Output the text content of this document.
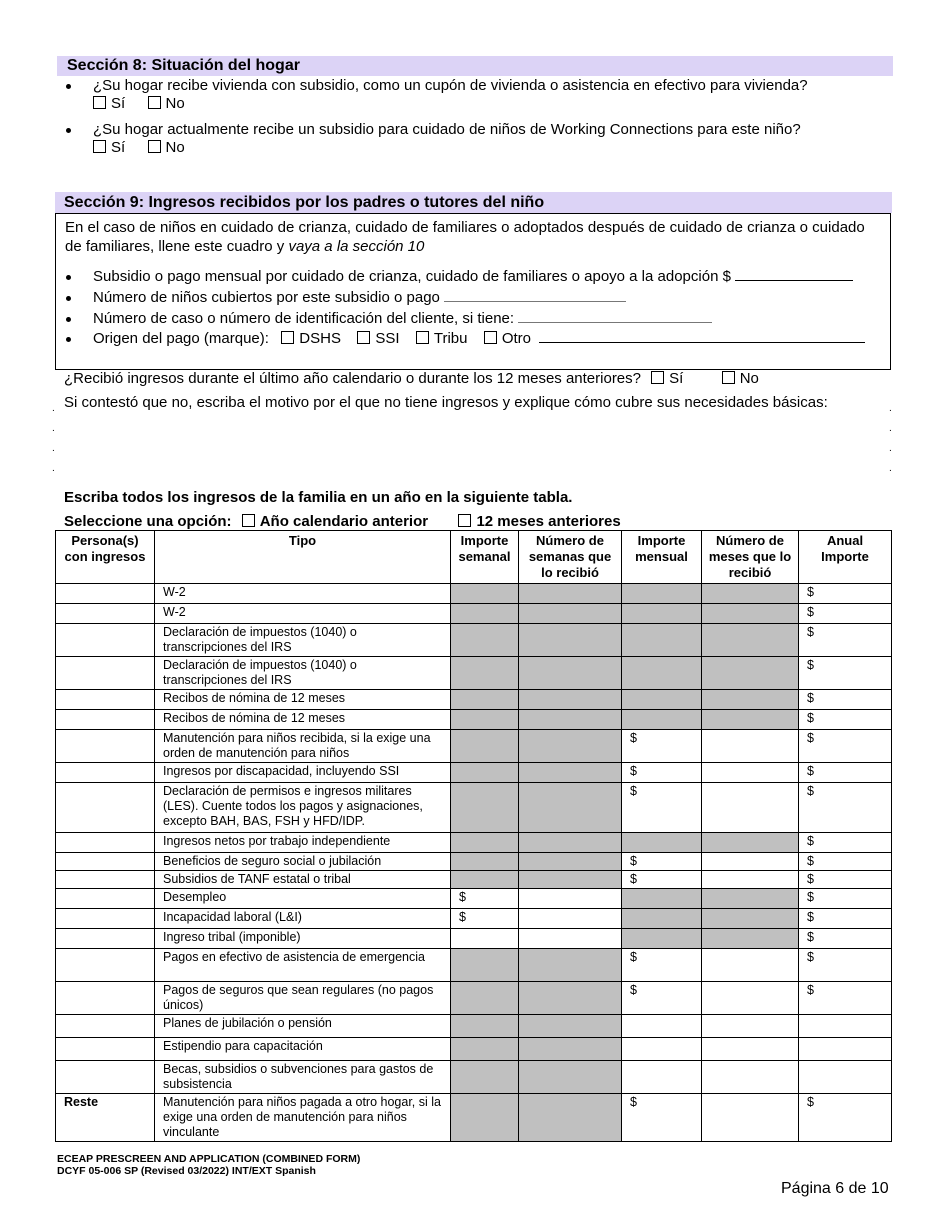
Sección 8: Situación del hogar
¿Su hogar recibe vivienda con subsidio, como un cupón de vivienda o asistencia en efectivo para vivienda?
Sí	No
¿Su hogar actualmente recibe un subsidio para cuidado de niños de Working Connections para este niño?
Sí	No
Sección 9: Ingresos recibidos por los padres o tutores del niño
En el caso de niños en cuidado de crianza, cuidado de familiares o adoptados después de cuidado de crianza o cuidado de familiares, llene este cuadro y vaya a la sección 10
Subsidio o pago mensual por cuidado de crianza, cuidado de familiares o apoyo a la adopción $
Número de niños cubiertos por este subsidio o pago
Número de caso o número de identificación del cliente, si tiene:
Origen del pago (marque): DSHS SSI Tribu Otro
¿Recibió ingresos durante el último año calendario o durante los 12 meses anteriores? Sí	No
Si contestó que no, escriba el motivo por el que no tiene ingresos y explique cómo cubre sus necesidades básicas:
.

.

.

.
.

.

.

.
Escriba todos los ingresos de la familia en un año en la siguiente tabla.
Seleccione una opción: Año calendario anterior	12 meses anteriores
Persona(s) con ingresos	Tipo	Importe semanal	Número de semanas que lo recibió	Importe mensual	Número de meses que lo recibió	Anual Importe
	W-2					$
	W-2					$
	Declaración de impuestos (1040) o transcripciones del IRS					$
	Declaración de impuestos (1040) o transcripciones del IRS					$
	Recibos de nómina de 12 meses					$
	Recibos de nómina de 12 meses					$
	Manutención para niños recibida, si la exige una orden de manutención para niños			$		$
	Ingresos por discapacidad, incluyendo SSI			$		$
	Declaración de permisos e ingresos militares (LES). Cuente todos los pagos y asignaciones, excepto BAH, BAS, FSH y HFD/IDP.			$		$
	Ingresos netos por trabajo independiente					$
	Beneficios de seguro social o jubilación			$		$
	Subsidios de TANF estatal o tribal			$		$
	Desempleo	$				$
	Incapacidad laboral (L&I)	$				$
	Ingreso tribal (imponible)					$
	Pagos en efectivo de asistencia de emergencia			$		$
	Pagos de seguros que sean regulares (no pagos únicos)			$		$
	Planes de jubilación o pensión					
	Estipendio para capacitación					
	Becas, subsidios o subvenciones para gastos de subsistencia					
Reste	Manutención para niños pagada a otro hogar, si la exige una orden de manutención para niños vinculante			$		$
ECEAP PRESCREEN AND APPLICATION (COMBINED FORM)
DCYF 05-006 SP (Revised 03/2022) INT/EXT Spanish
Página 6 de 10
